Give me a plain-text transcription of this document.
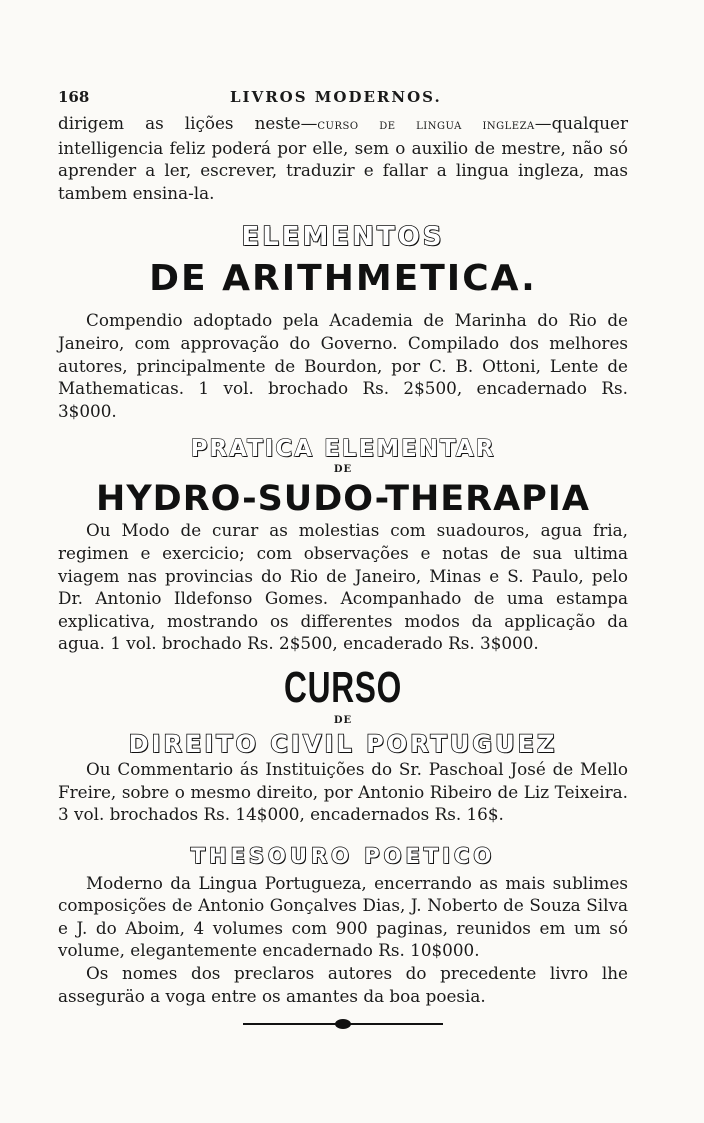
168	LIVROS MODERNOS.

dirigem as lições neste—curso de lingua ingleza—qualquer intelligencia feliz poderá por elle, sem o auxilio de mestre, não só aprender a ler, escrever, traduzir e fallar a lingua ingleza, mas tambem ensina-la.

ELEMENTOS
DE ARITHMETICA.

Compendio adoptado pela Academia de Marinha do Rio de Janeiro, com approvação do Governo. Compilado dos melhores autores, principalmente de Bourdon, por C. B. Ottoni, Lente de Mathematicas. 1 vol. brochado Rs. 2$500, encadernado Rs. 3$000.

PRATICA ELEMENTAR
DE
HYDRO-SUDO-THERAPIA

Ou Modo de curar as molestias com suadouros, agua fria, regimen e exercicio; com observações e notas de sua ultima viagem nas provincias do Rio de Janeiro, Minas e S. Paulo, pelo Dr. Antonio Ildefonso Gomes. Acompanhado de uma estampa explicativa, mostrando os differentes modos da applicação da agua. 1 vol. brochado Rs. 2$500, encaderado Rs. 3$000.

CURSO
DE
DIREITO CIVIL PORTUGUEZ

Ou Commentario ás Instituições do Sr. Paschoal José de Mello Freire, sobre o mesmo direito, por Antonio Ribeiro de Liz Teixeira. 3 vol. brochados Rs. 14$000, encadernados Rs. 16$.

THESOURO POETICO

Moderno da Lingua Portugueza, encerrando as mais sublimes composições de Antonio Gonçalves Dias, J. Noberto de Souza Silva e J. do Aboim, 4 volumes com 900 paginas, reunidos em um só volume, elegantemente encadernado Rs. 10$000.

Os nomes dos preclaros autores do precedente livro lhe asseguräo a voga entre os amantes da boa poesia.
